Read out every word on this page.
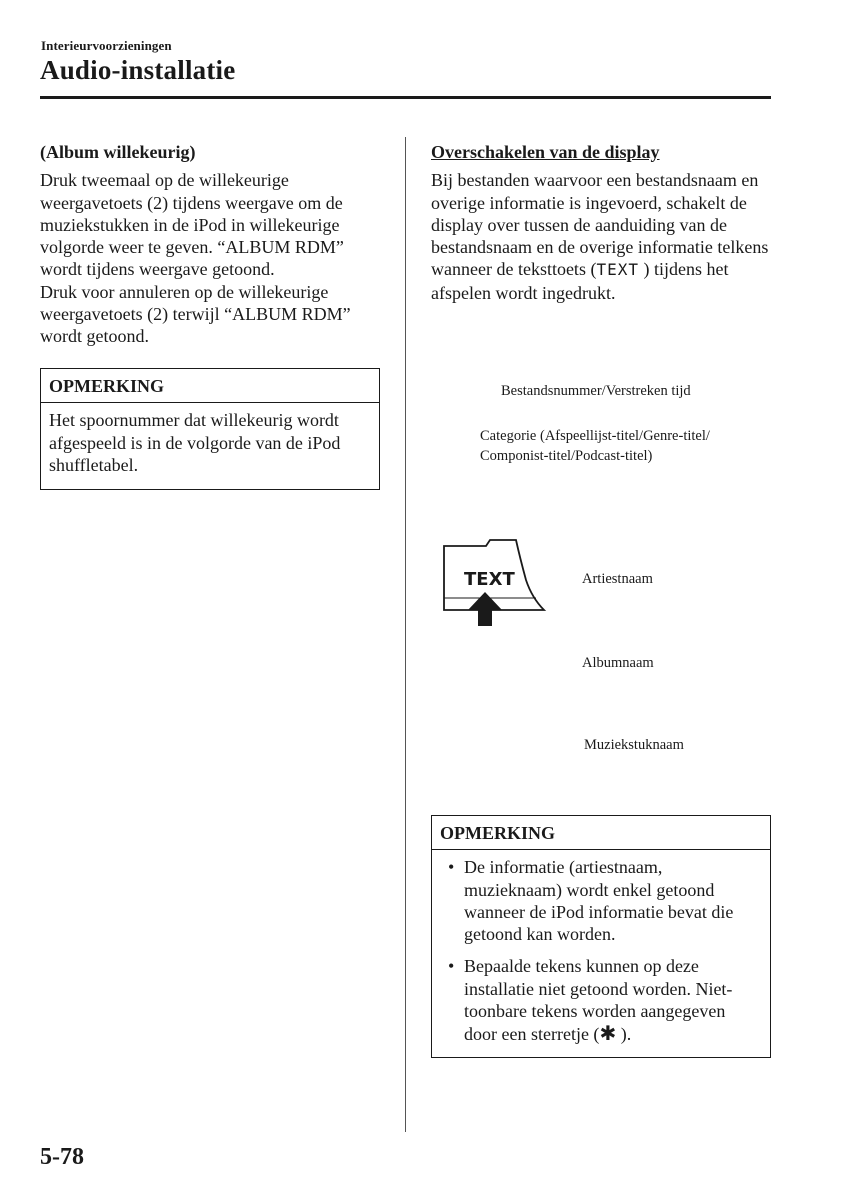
Interieurvoorzieningen
Audio-installatie

(Album willekeurig)

Druk tweemaal op de willekeurige weergavetoets (2) tijdens weergave om de muziekstukken in de iPod in willekeurige volgorde weer te geven. “ALBUM RDM” wordt tijdens weergave getoond.

Druk voor annuleren op de willekeurige weergavetoets (2) terwijl “ALBUM RDM” wordt getoond.

OPMERKING
Het spoornummer dat willekeurig wordt afgespeeld is in de volgorde van de iPod shuffletabel.

Overschakelen van de display

Bij bestanden waarvoor een bestandsnaam en overige informatie is ingevoerd, schakelt de display over tussen de aanduiding van de bestandsnaam en de overige informatie telkens wanneer de teksttoets (TEXT ) tijdens het afspelen wordt ingedrukt.

Bestandsnummer/Verstreken tijd
Categorie (Afspeellijst-titel/Genre-titel/
Componist-titel/Podcast-titel)
TEXT	Artiestnaam
Albumnaam
Muziekstuknaam
OPMERKING
• De informatie (artiestnaam, muzieknaam) wordt enkel getoond wanneer de iPod informatie bevat die getoond kan worden.
• Bepaalde tekens kunnen op deze installatie niet getoond worden. Niet-toonbare tekens worden aangegeven door een sterretje (✱ ).
5-78
